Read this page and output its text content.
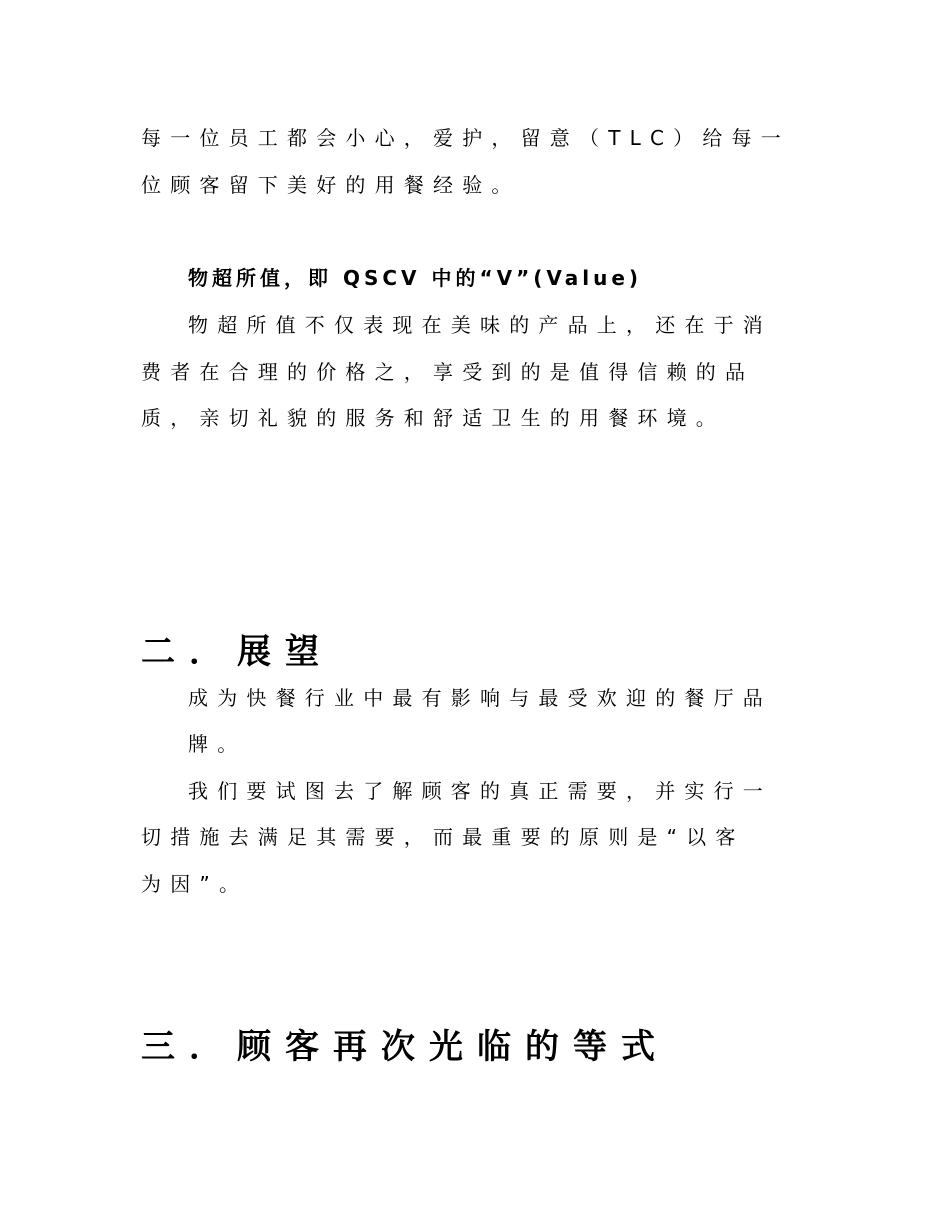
每一位员工都会小心，爱护，留意（TLC）给每一
位顾客留下美好的用餐经验。
物超所值，即 QSCV 中的“V”(Value)
物超所值不仅表现在美味的产品上，还在于消
费者在合理的价格之，享受到的是值得信赖的品
质，亲切礼貌的服务和舒适卫生的用餐环境。
二．展望
成为快餐行业中最有影响与最受欢迎的餐厅品
牌。
我们要试图去了解顾客的真正需要，并实行一
切措施去满足其需要，而最重要的原则是“以客
为因”。
三．顾客再次光临的等式
